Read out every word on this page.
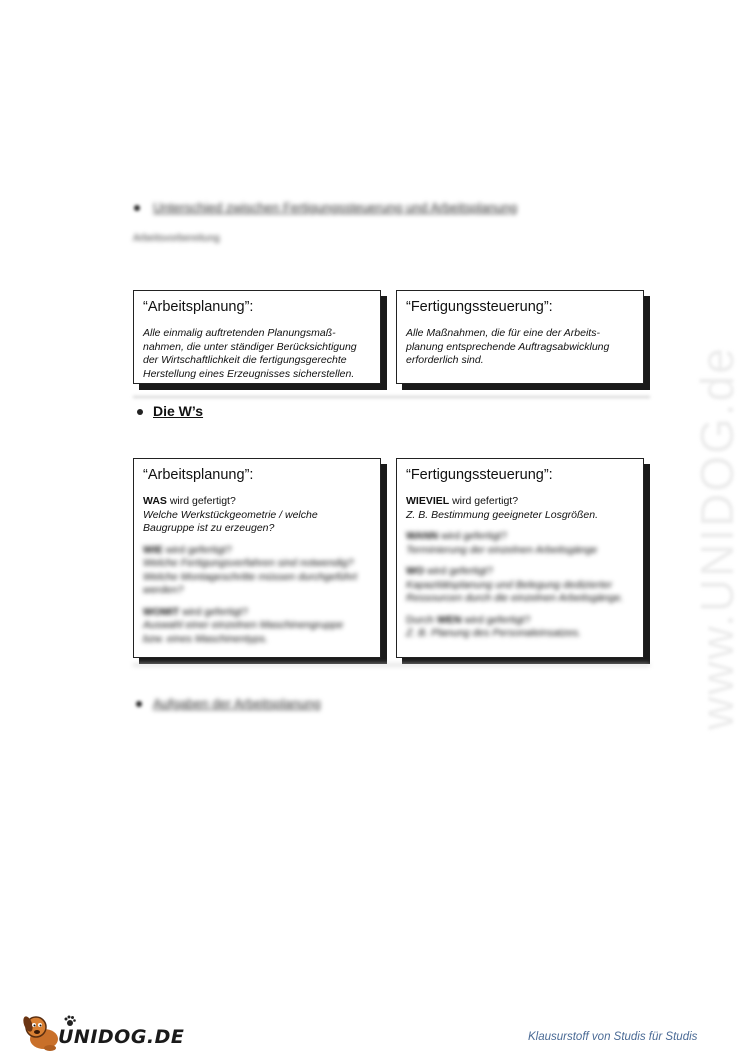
www.UNIDOG.de
Unterschied zwischen Fertigungssteuerung und Arbeitsplanung
Arbeitsvorbereitung
“Arbeitsplanung”:
Alle einmalig auftretenden Planungsmaß-
nahmen, die unter ständiger Berücksichtigung
der Wirtschaftlichkeit die fertigungsgerechte
Herstellung eines Erzeugnisses sicherstellen.
“Fertigungssteuerung”:
Alle Maßnahmen, die für eine der Arbeits-
planung entsprechende Auftragsabwicklung
erforderlich sind.
Die W’s
“Arbeitsplanung”:
WAS wird gefertigt?
Welche Werkstückgeometrie / welche
Baugruppe ist zu erzeugen?
WIE wird gefertigt?
Welche Fertigungsverfahren sind notwendig?
Welche Montageschritte müssen durchgeführt
werden?
WOMIT wird gefertigt?
Auswahl einer einzelnen Maschinengruppe
bzw. eines Maschinentyps.
“Fertigungssteuerung”:
WIEVIEL wird gefertigt?
Z. B. Bestimmung geeigneter Losgrößen.
WANN wird gefertigt?
Terminierung der einzelnen Arbeitsgänge
WO wird gefertigt?
Kapazitätsplanung und Belegung dedizierter
Ressourcen durch die einzelnen Arbeitsgänge.
Durch WEN wird gefertigt?
Z. B. Planung des Personaleinsatzes.
Aufgaben der Arbeitsplanung
UNIDOG.DE	Klausurstoff von Studis für Studis
